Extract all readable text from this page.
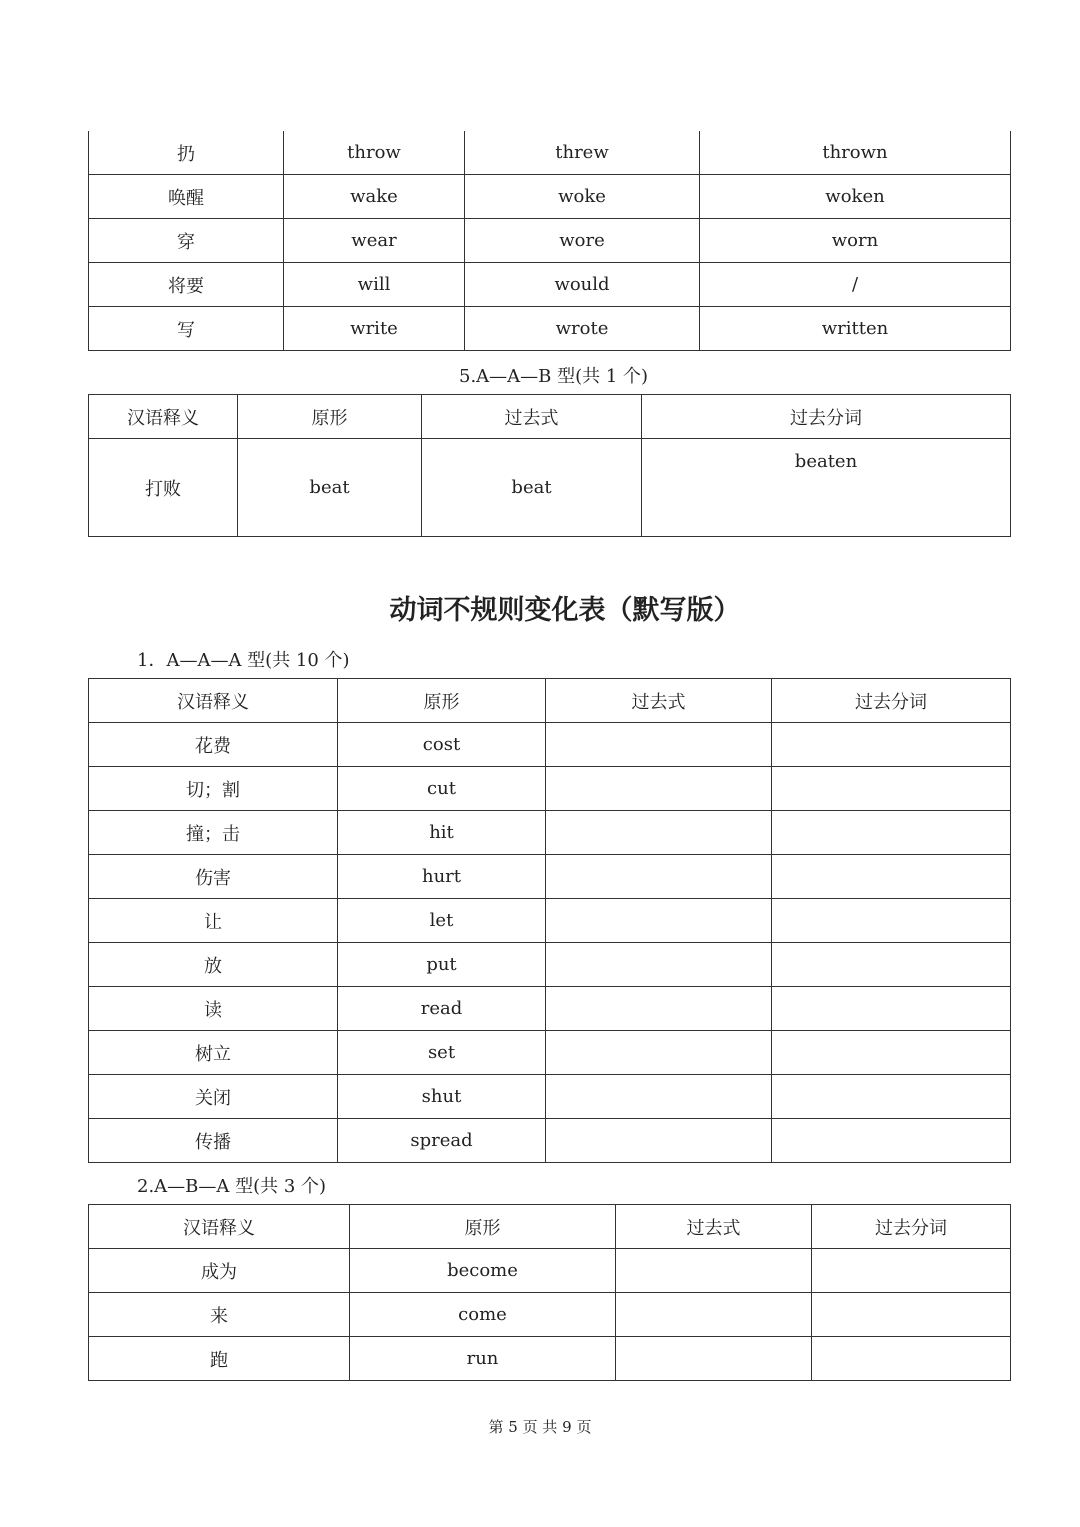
扔	throw	threw	thrown
唤醒	wake	woke	woken
穿	wear	wore	worn
将要	will	would	/
写	write	wrote	written
5.A—A—B 型(共 1 个)
汉语释义	原形	过去式	过去分词
打败	beat	beat	beaten
动词不规则变化表（默写版）
1．A—A—A 型(共 10 个)
汉语释义	原形	过去式	过去分词
花费	cost		
切；割	cut		
撞；击	hit		
伤害	hurt		
让	let		
放	put		
读	read		
树立	set		
关闭	shut		
传播	spread		
2.A—B—A 型(共 3 个)
汉语释义	原形	过去式	过去分词
成为	become		
来	come		
跑	run		
第 5 页 共 9 页
